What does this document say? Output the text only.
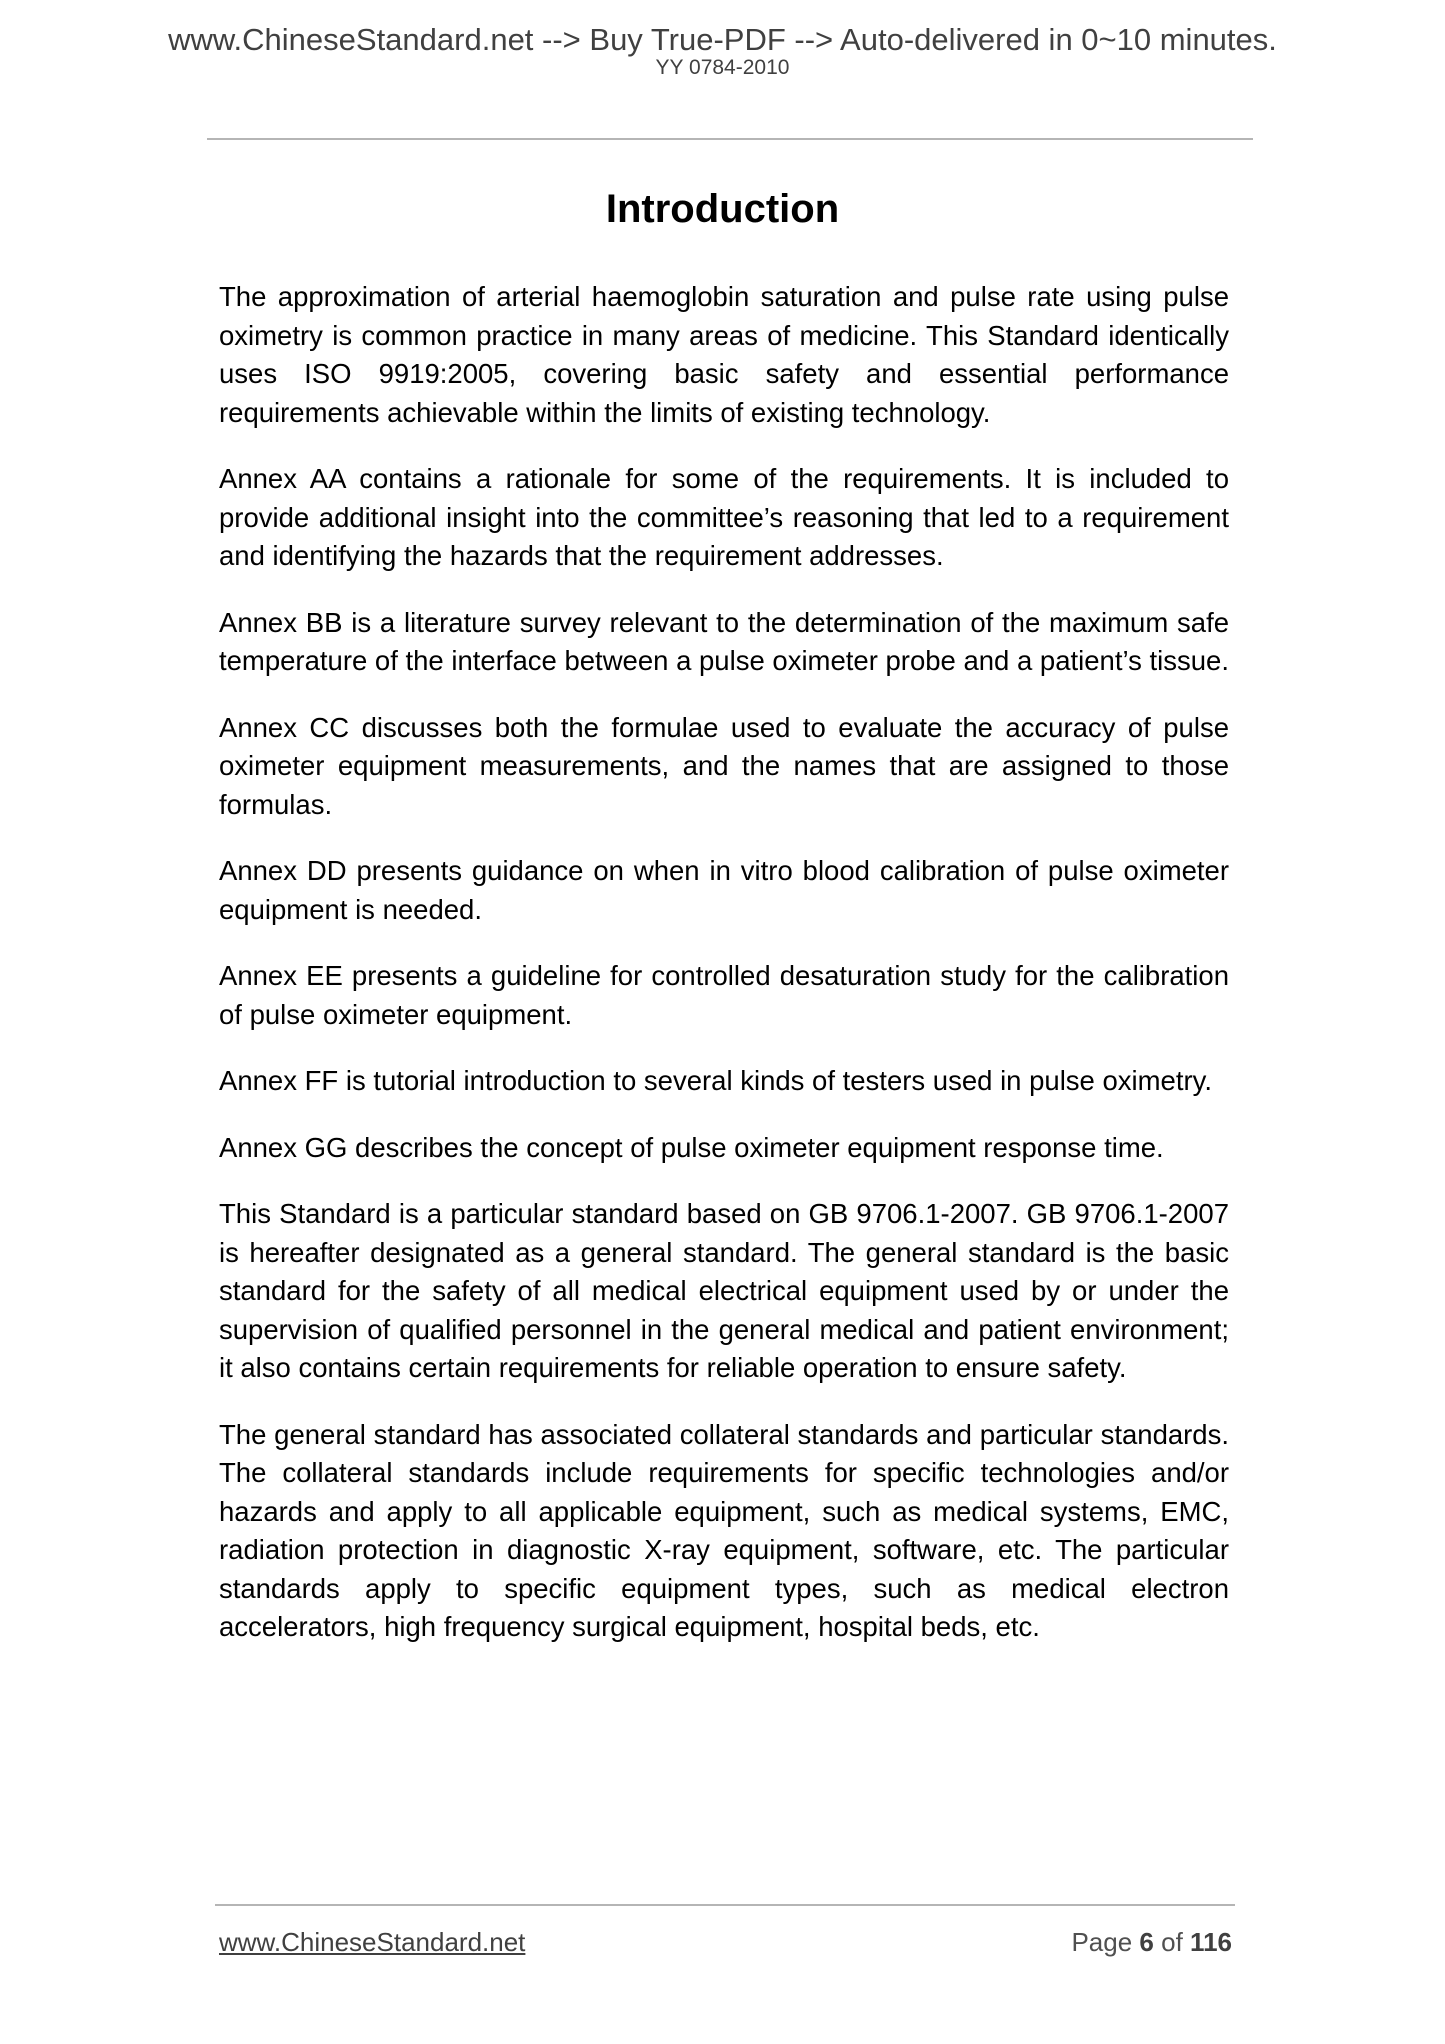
www.ChineseStandard.net --> Buy True-PDF --> Auto-delivered in 0~10 minutes.
YY 0784-2010
Introduction

The approximation of arterial haemoglobin saturation and pulse rate using pulse oximetry is common practice in many areas of medicine. This Standard identically uses ISO 9919:2005, covering basic safety and essential performance requirements achievable within the limits of existing technology.

Annex AA contains a rationale for some of the requirements. It is included to provide additional insight into the committee’s reasoning that led to a requirement and identifying the hazards that the requirement addresses.

Annex BB is a literature survey relevant to the determination of the maximum safe temperature of the interface between a pulse oximeter probe and a patient’s tissue.

Annex CC discusses both the formulae used to evaluate the accuracy of pulse oximeter equipment measurements, and the names that are assigned to those formulas.

Annex DD presents guidance on when in vitro blood calibration of pulse oximeter equipment is needed.

Annex EE presents a guideline for controlled desaturation study for the calibration of pulse oximeter equipment.

Annex FF is tutorial introduction to several kinds of testers used in pulse oximetry.

Annex GG describes the concept of pulse oximeter equipment response time.

This Standard is a particular standard based on GB 9706.1-2007. GB 9706.1-2007 is hereafter designated as a general standard. The general standard is the basic standard for the safety of all medical electrical equipment used by or under the supervision of qualified personnel in the general medical and patient environment; it also contains certain requirements for reliable operation to ensure safety.

The general standard has associated collateral standards and particular standards. The collateral standards include requirements for specific technologies and/or hazards and apply to all applicable equipment, such as medical systems, EMC, radiation protection in diagnostic X-ray equipment, software, etc. The particular standards apply to specific equipment types, such as medical electron accelerators, high frequency surgical equipment, hospital beds, etc.

www.ChineseStandard.net	Page 6 of 116
